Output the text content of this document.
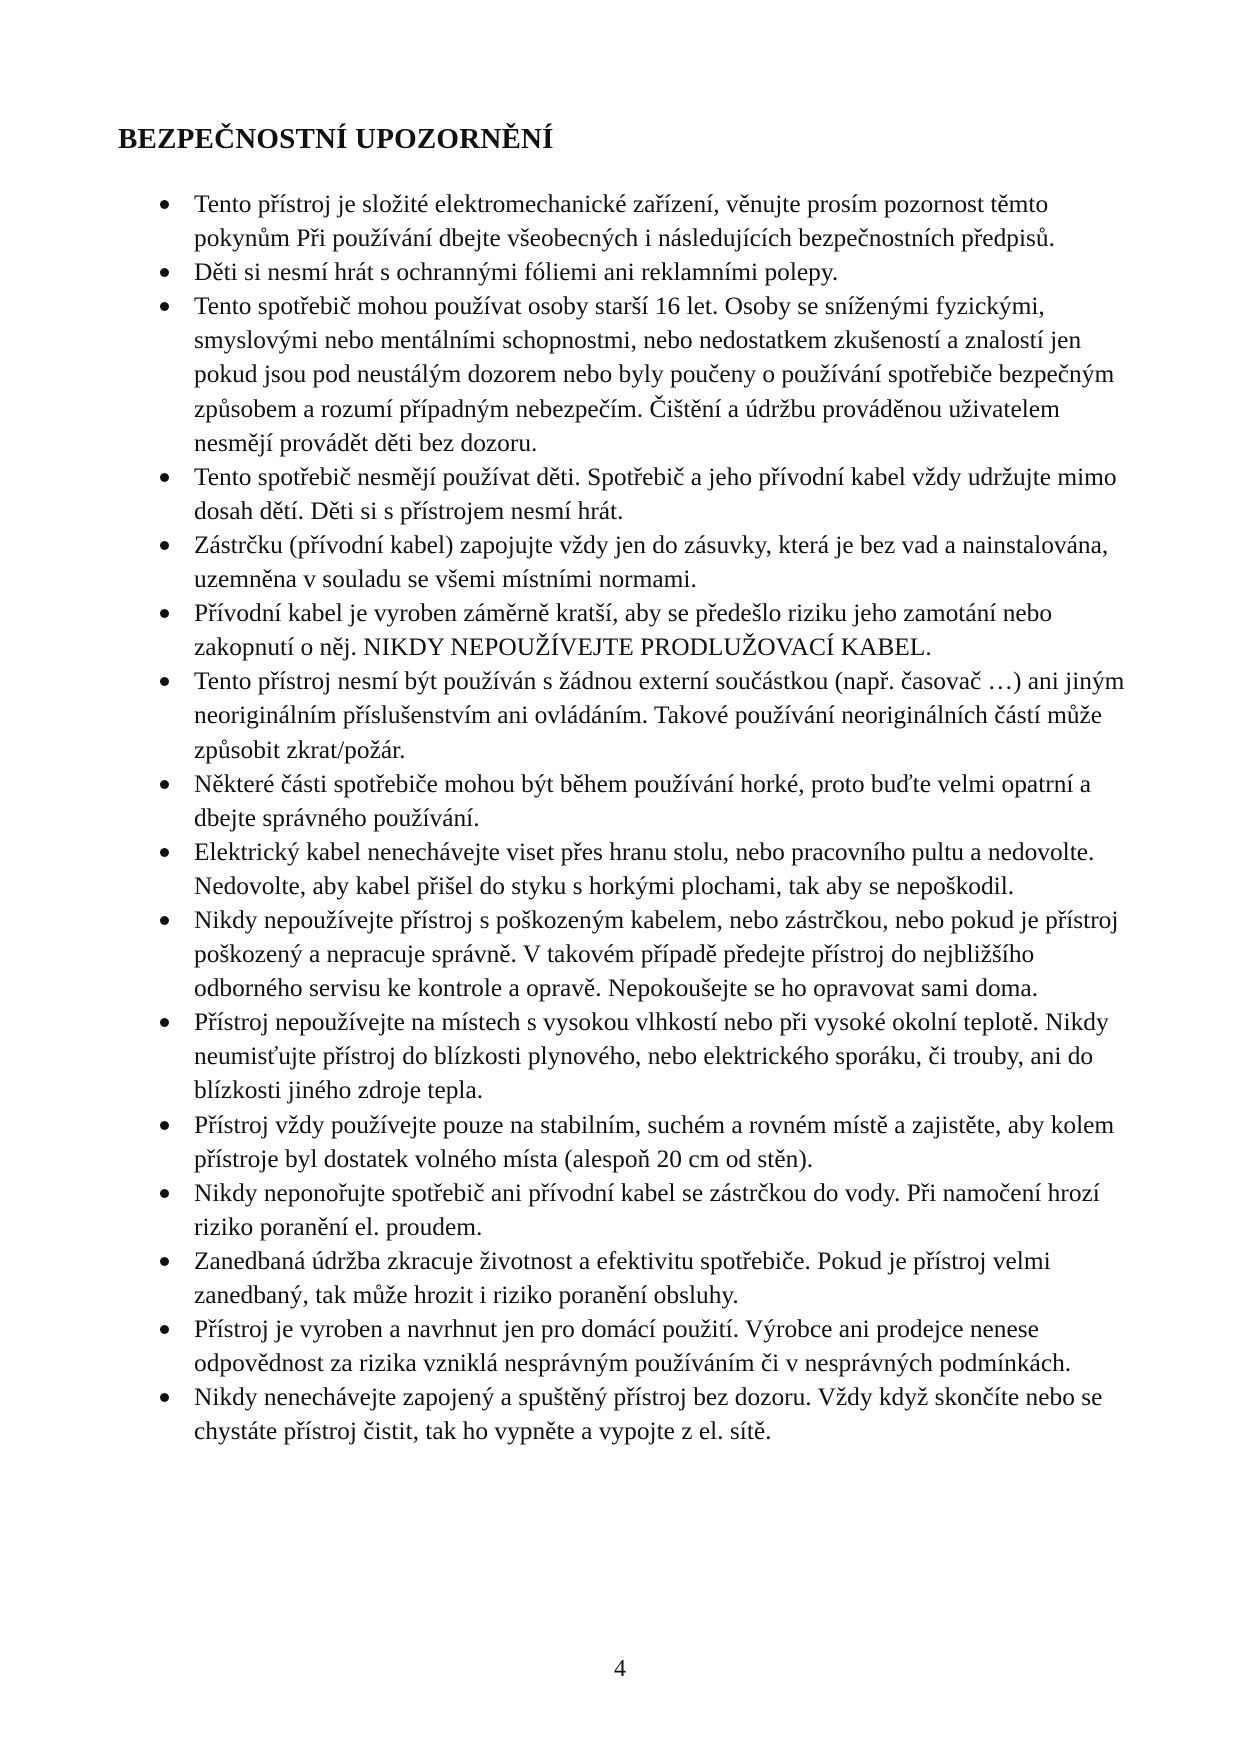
BEZPEČNOSTNÍ UPOZORNĚNÍ
Tento přístroj je složité elektromechanické zařízení, věnujte prosím pozornost těmto pokynům Při používání dbejte všeobecných i následujících bezpečnostních předpisů.
Děti si nesmí hrát s ochrannými fóliemi ani reklamními polepy.
Tento spotřebič mohou používat osoby starší 16 let. Osoby se sníženými fyzickými, smyslovými nebo mentálními schopnostmi, nebo nedostatkem zkušeností a znalostí jen pokud jsou pod neustálým dozorem nebo byly poučeny o používání spotřebiče bezpečným způsobem a rozumí případným nebezpečím. Čištění a údržbu prováděnou uživatelem nesmějí provádět děti bez dozoru.
Tento spotřebič nesmějí používat děti. Spotřebič a jeho přívodní kabel vždy udržujte mimo dosah dětí. Děti si s přístrojem nesmí hrát.
Zástrčku (přívodní kabel) zapojujte vždy jen do zásuvky, která je bez vad a nainstalována, uzemněna v souladu se všemi místními normami.
Přívodní kabel je vyroben záměrně kratší, aby se předešlo riziku jeho zamotání nebo zakopnutí o něj. NIKDY NEPOUŽÍVEJTE PRODLUŽOVACÍ KABEL.
Tento přístroj nesmí být používán s žádnou externí součástkou (např. časovač …) ani jiným neoriginálním příslušenstvím ani ovládáním. Takové používání neoriginálních částí může způsobit zkrat/požár.
Některé části spotřebiče mohou být během používání horké, proto buďte velmi opatrní a dbejte správného používání.
Elektrický kabel nenechávejte viset přes hranu stolu, nebo pracovního pultu a nedovolte. Nedovolte, aby kabel přišel do styku s horkými plochami, tak aby se nepoškodil.
Nikdy nepoužívejte přístroj s poškozeným kabelem, nebo zástrčkou, nebo pokud je přístroj poškozený a nepracuje správně. V takovém případě předejte přístroj do nejbližšího odborného servisu ke kontrole a opravě. Nepokoušejte se ho opravovat sami doma.
Přístroj nepoužívejte na místech s vysokou vlhkostí nebo při vysoké okolní teplotě. Nikdy neumisťujte přístroj do blízkosti plynového, nebo elektrického sporáku, či trouby, ani do blízkosti jiného zdroje tepla.
Přístroj vždy používejte pouze na stabilním, suchém a rovném místě a zajistěte, aby kolem přístroje byl dostatek volného místa (alespoň 20 cm od stěn).
Nikdy neponořujte spotřebič ani přívodní kabel se zástrčkou do vody. Při namočení hrozí riziko poranění el. proudem.
Zanedbaná údržba zkracuje životnost a efektivitu spotřebiče. Pokud je přístroj velmi zanedbaný, tak může hrozit i riziko poranění obsluhy.
Přístroj je vyroben a navrhnut jen pro domácí použití. Výrobce ani prodejce nenese odpovědnost za rizika vzniklá nesprávným používáním či v nesprávných podmínkách.
Nikdy nenechávejte zapojený a spuštěný přístroj bez dozoru. Vždy když skončíte nebo se chystáte přístroj čistit, tak ho vypněte a vypojte z el. sítě.
4
